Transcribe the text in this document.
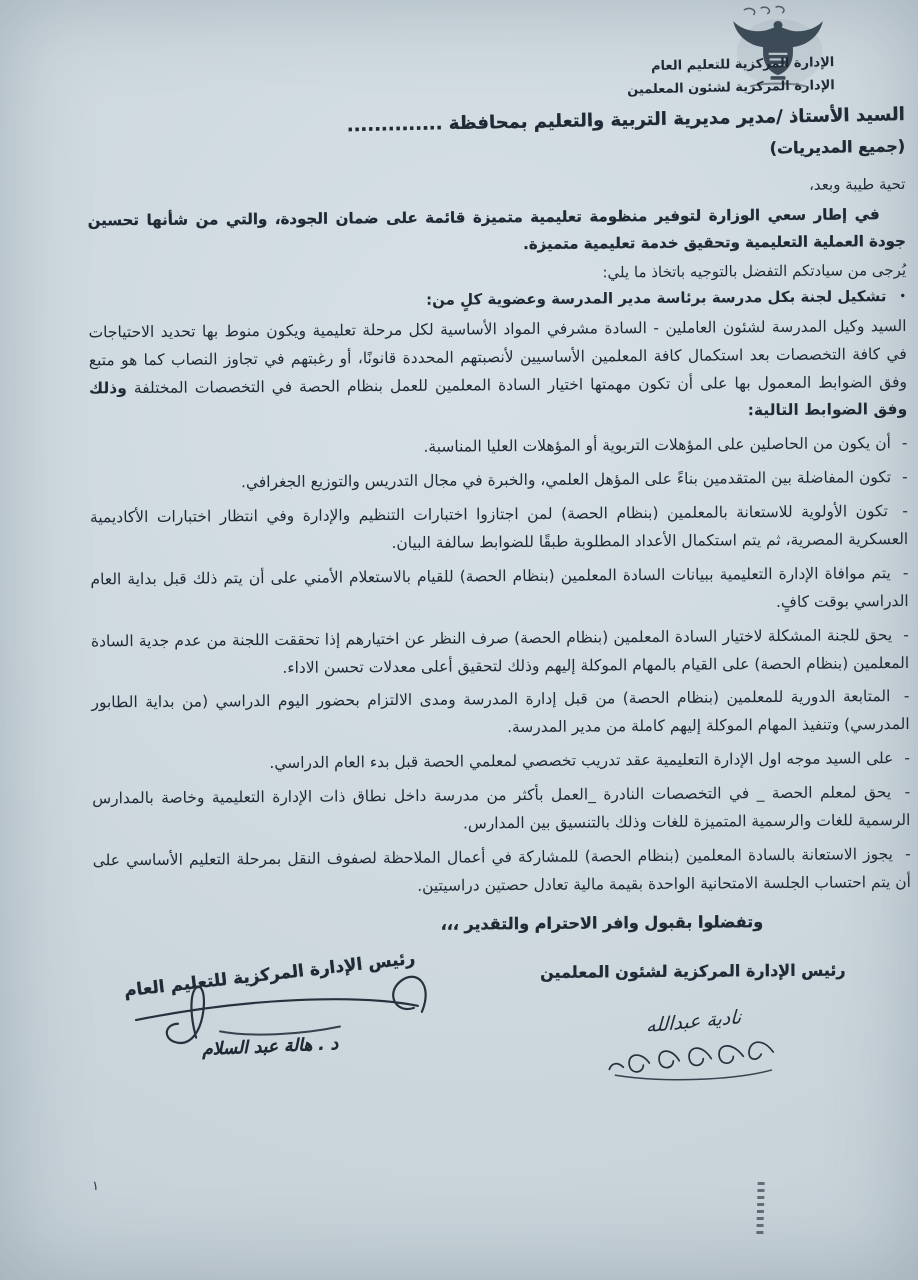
الإدارة المركزية للتعليم العام
الإدارة المركزية لشئون المعلمين
السيد الأستاذ /مدير مديرية التربية والتعليم بمحافظة ..............
(جميع المديريات)
تحية طيبة وبعد،

في إطار سعي الوزارة لتوفير منظومة تعليمية متميزة قائمة على ضمان الجودة، والتي من شأنها تحسين جودة العملية التعليمية وتحقيق خدمة تعليمية متميزة.

يُرجى من سيادتكم التفضل بالتوجيه باتخاذ ما يلي:
• تشكيل لجنة بكل مدرسة برئاسة مدير المدرسة وعضوية كلٍ من:

السيد وكيل المدرسة لشئون العاملين - السادة مشرفي المواد الأساسية لكل مرحلة تعليمية ويكون منوط بها تحديد الاحتياجات في كافة التخصصات بعد استكمال كافة المعلمين الأساسيين لأنصبتهم المحددة قانونًا، أو رغبتهم في تجاوز النصاب كما هو متبع وفق الضوابط المعمول بها على أن تكون مهمتها اختيار السادة المعلمين للعمل بنظام الحصة في التخصصات المختلفة وذلك وفق الضوابط التالية:

- أن يكون من الحاصلين على المؤهلات التربوية أو المؤهلات العليا المناسبة.

- تكون المفاضلة بين المتقدمين بناءً على المؤهل العلمي، والخبرة في مجال التدريس والتوزيع الجغرافي.

- تكون الأولوية للاستعانة بالمعلمين (بنظام الحصة) لمن اجتازوا اختبارات التنظيم والإدارة وفي انتظار اختبارات الأكاديمية العسكرية المصرية، ثم يتم استكمال الأعداد المطلوبة طبقًا للضوابط سالفة البيان.

- يتم موافاة الإدارة التعليمية ببيانات السادة المعلمين (بنظام الحصة) للقيام بالاستعلام الأمني على أن يتم ذلك قبل بداية العام الدراسي بوقت كافٍ.

- يحق للجنة المشكلة لاختيار السادة المعلمين (بنظام الحصة) صرف النظر عن اختيارهم إذا تحققت اللجنة من عدم جدية السادة المعلمين (بنظام الحصة) على القيام بالمهام الموكلة إليهم وذلك لتحقيق أعلى معدلات تحسن الاداء.

- المتابعة الدورية للمعلمين (بنظام الحصة) من قبل إدارة المدرسة ومدى الالتزام بحضور اليوم الدراسي (من بداية الطابور المدرسي) وتنفيذ المهام الموكلة إليهم كاملة من مدير المدرسة.

- على السيد موجه اول الإدارة التعليمية عقد تدريب تخصصي لمعلمي الحصة قبل بدء العام الدراسي.

- يحق لمعلم الحصة _ في التخصصات النادرة _العمل بأكثر من مدرسة داخل نطاق ذات الإدارة التعليمية وخاصة بالمدارس الرسمية للغات والرسمية المتميزة للغات وذلك بالتنسيق بين المدارس.

- يجوز الاستعانة بالسادة المعلمين (بنظام الحصة) للمشاركة في أعمال الملاحظة لصفوف النقل بمرحلة التعليم الأساسي على أن يتم احتساب الجلسة الامتحانية الواحدة بقيمة مالية تعادل حصتين دراسيتين.

وتفضلوا بقبول وافر الاحترام والتقدير ،،،
رئيس الإدارة المركزية لشئون المعلمين
نادية عبدالله
رئيس الإدارة المركزية للتعليم العام
د . هالة عبد السلام
١
